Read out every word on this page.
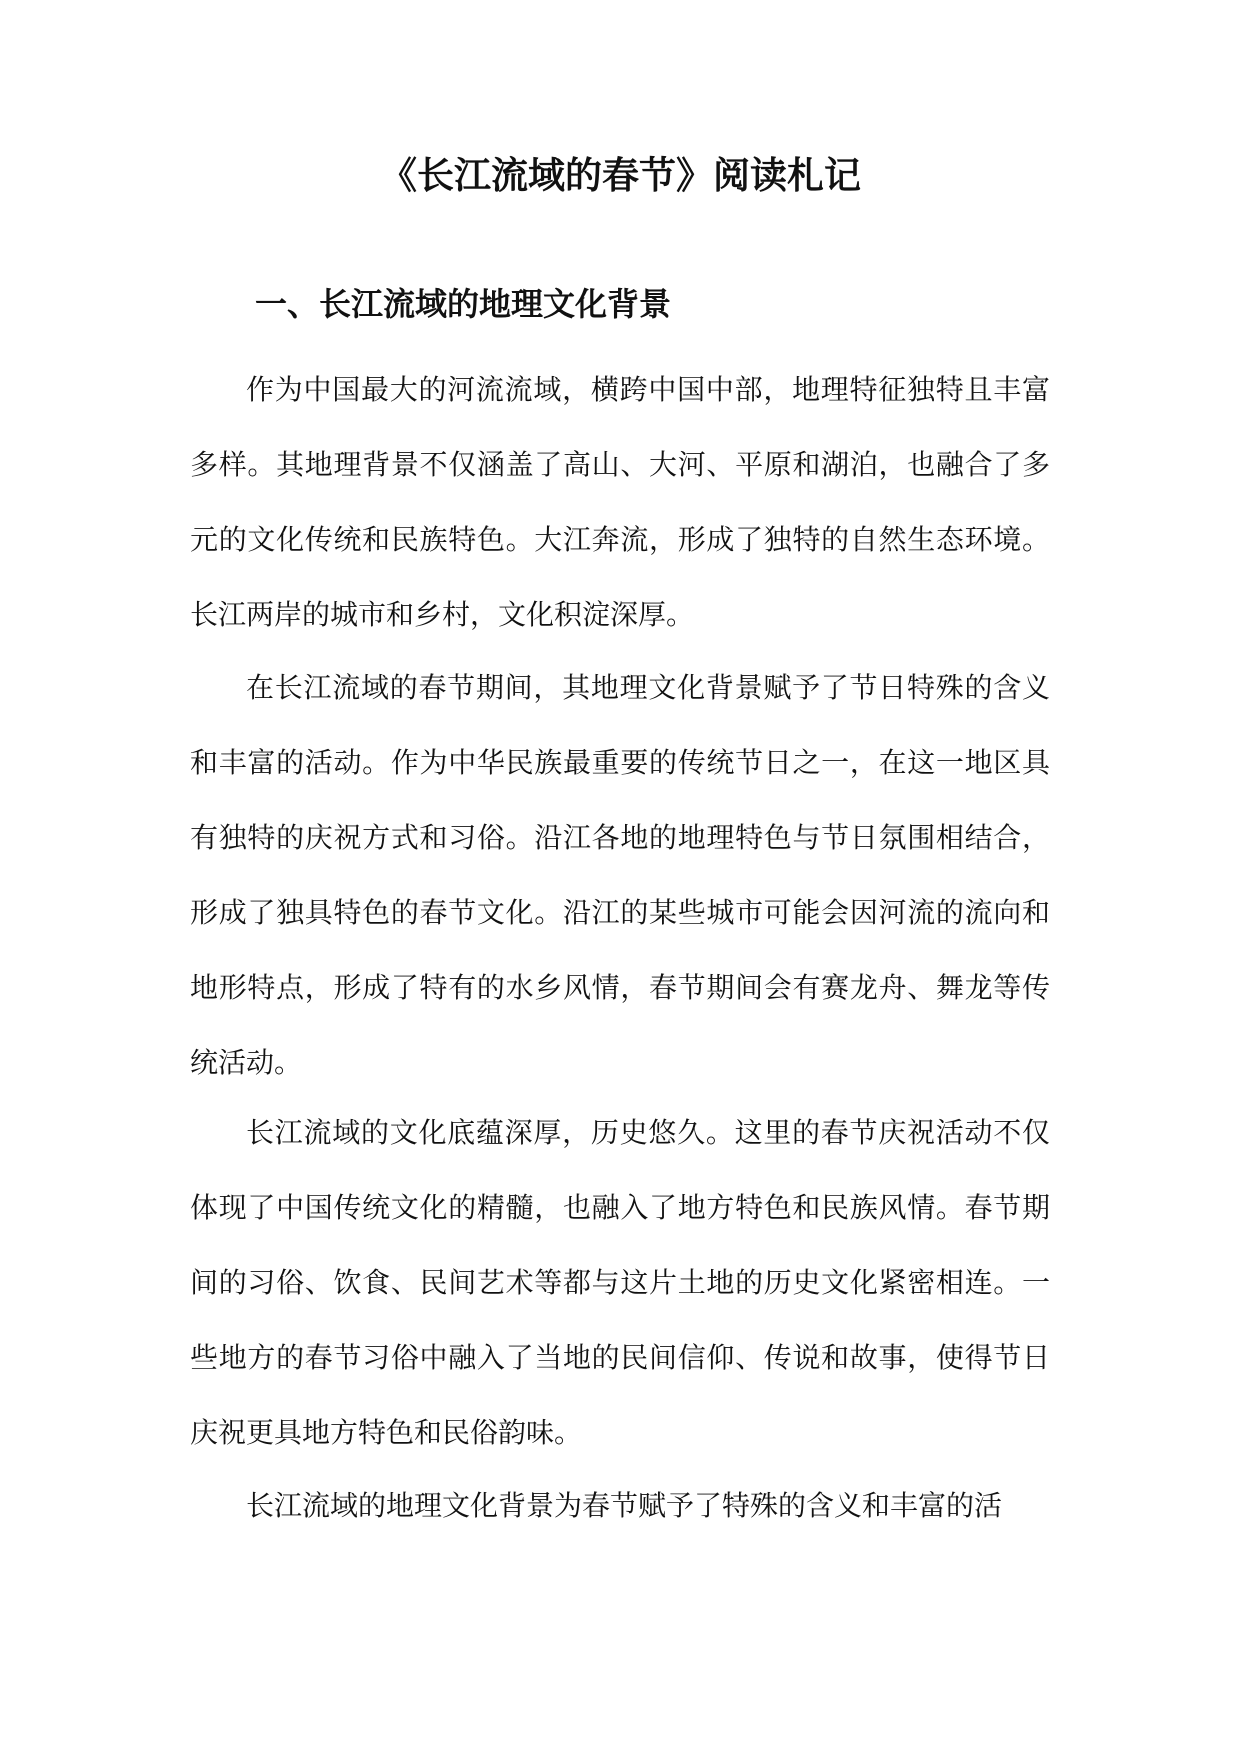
《长江流域的春节》阅读札记
一、长江流域的地理文化背景

作为中国最大的河流流域，横跨中国中部，地理特征独特且丰富多样。其地理背景不仅涵盖了高山、大河、平原和湖泊，也融合了多元的文化传统和民族特色。大江奔流，形成了独特的自然生态环境。长江两岸的城市和乡村，文化积淀深厚。

在长江流域的春节期间，其地理文化背景赋予了节日特殊的含义和丰富的活动。作为中华民族最重要的传统节日之一，在这一地区具有独特的庆祝方式和习俗。沿江各地的地理特色与节日氛围相结合，形成了独具特色的春节文化。沿江的某些城市可能会因河流的流向和地形特点，形成了特有的水乡风情，春节期间会有赛龙舟、舞龙等传统活动。

长江流域的文化底蕴深厚，历史悠久。这里的春节庆祝活动不仅体现了中国传统文化的精髓，也融入了地方特色和民族风情。春节期间的习俗、饮食、民间艺术等都与这片土地的历史文化紧密相连。一些地方的春节习俗中融入了当地的民间信仰、传说和故事，使得节日庆祝更具地方特色和民俗韵味。

长江流域的地理文化背景为春节赋予了特殊的含义和丰富的活
